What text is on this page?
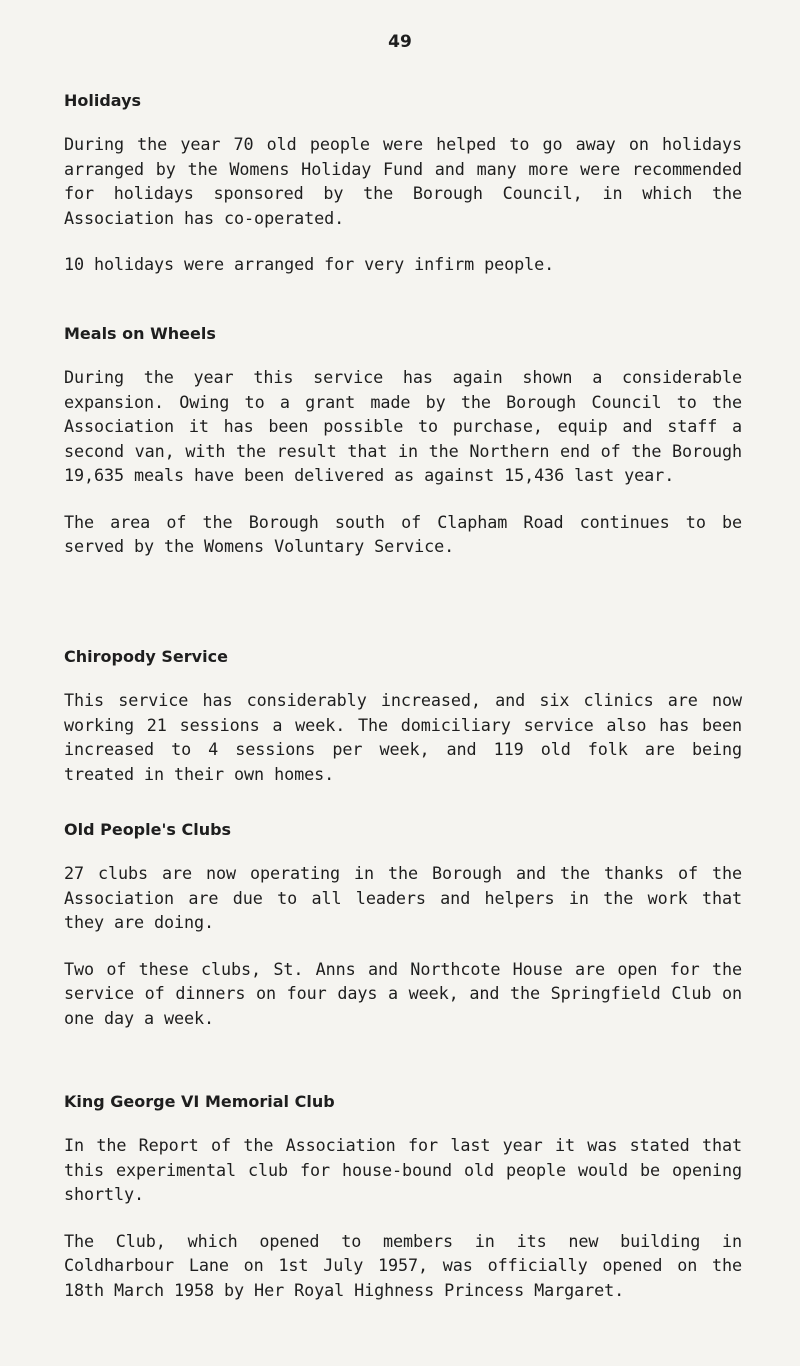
49
Holidays

During the year 70 old people were helped to go away on holidays arranged by the Womens Holiday Fund and many more were recommended for holidays sponsored by the Borough Council, in which the Association has co-operated.

10 holidays were arranged for very infirm people.

Meals on Wheels

During the year this service has again shown a considerable expansion. Owing to a grant made by the Borough Council to the Association it has been possible to purchase, equip and staff a second van, with the result that in the Northern end of the Borough 19,635 meals have been delivered as against 15,436 last year.

The area of the Borough south of Clapham Road continues to be served by the Womens Voluntary Service.

Chiropody Service

This service has considerably increased, and six clinics are now working 21 sessions a week. The domiciliary service also has been increased to 4 sessions per week, and 119 old folk are being treated in their own homes.

Old People's Clubs

27 clubs are now operating in the Borough and the thanks of the Association are due to all leaders and helpers in the work that they are doing.

Two of these clubs, St. Anns and Northcote House are open for the service of dinners on four days a week, and the Springfield Club on one day a week.

King George VI Memorial Club

In the Report of the Association for last year it was stated that this experimental club for house-bound old people would be opening shortly.

The Club, which opened to members in its new building in Coldharbour Lane on 1st July 1957, was officially opened on the 18th March 1958 by Her Royal Highness Princess Margaret.
